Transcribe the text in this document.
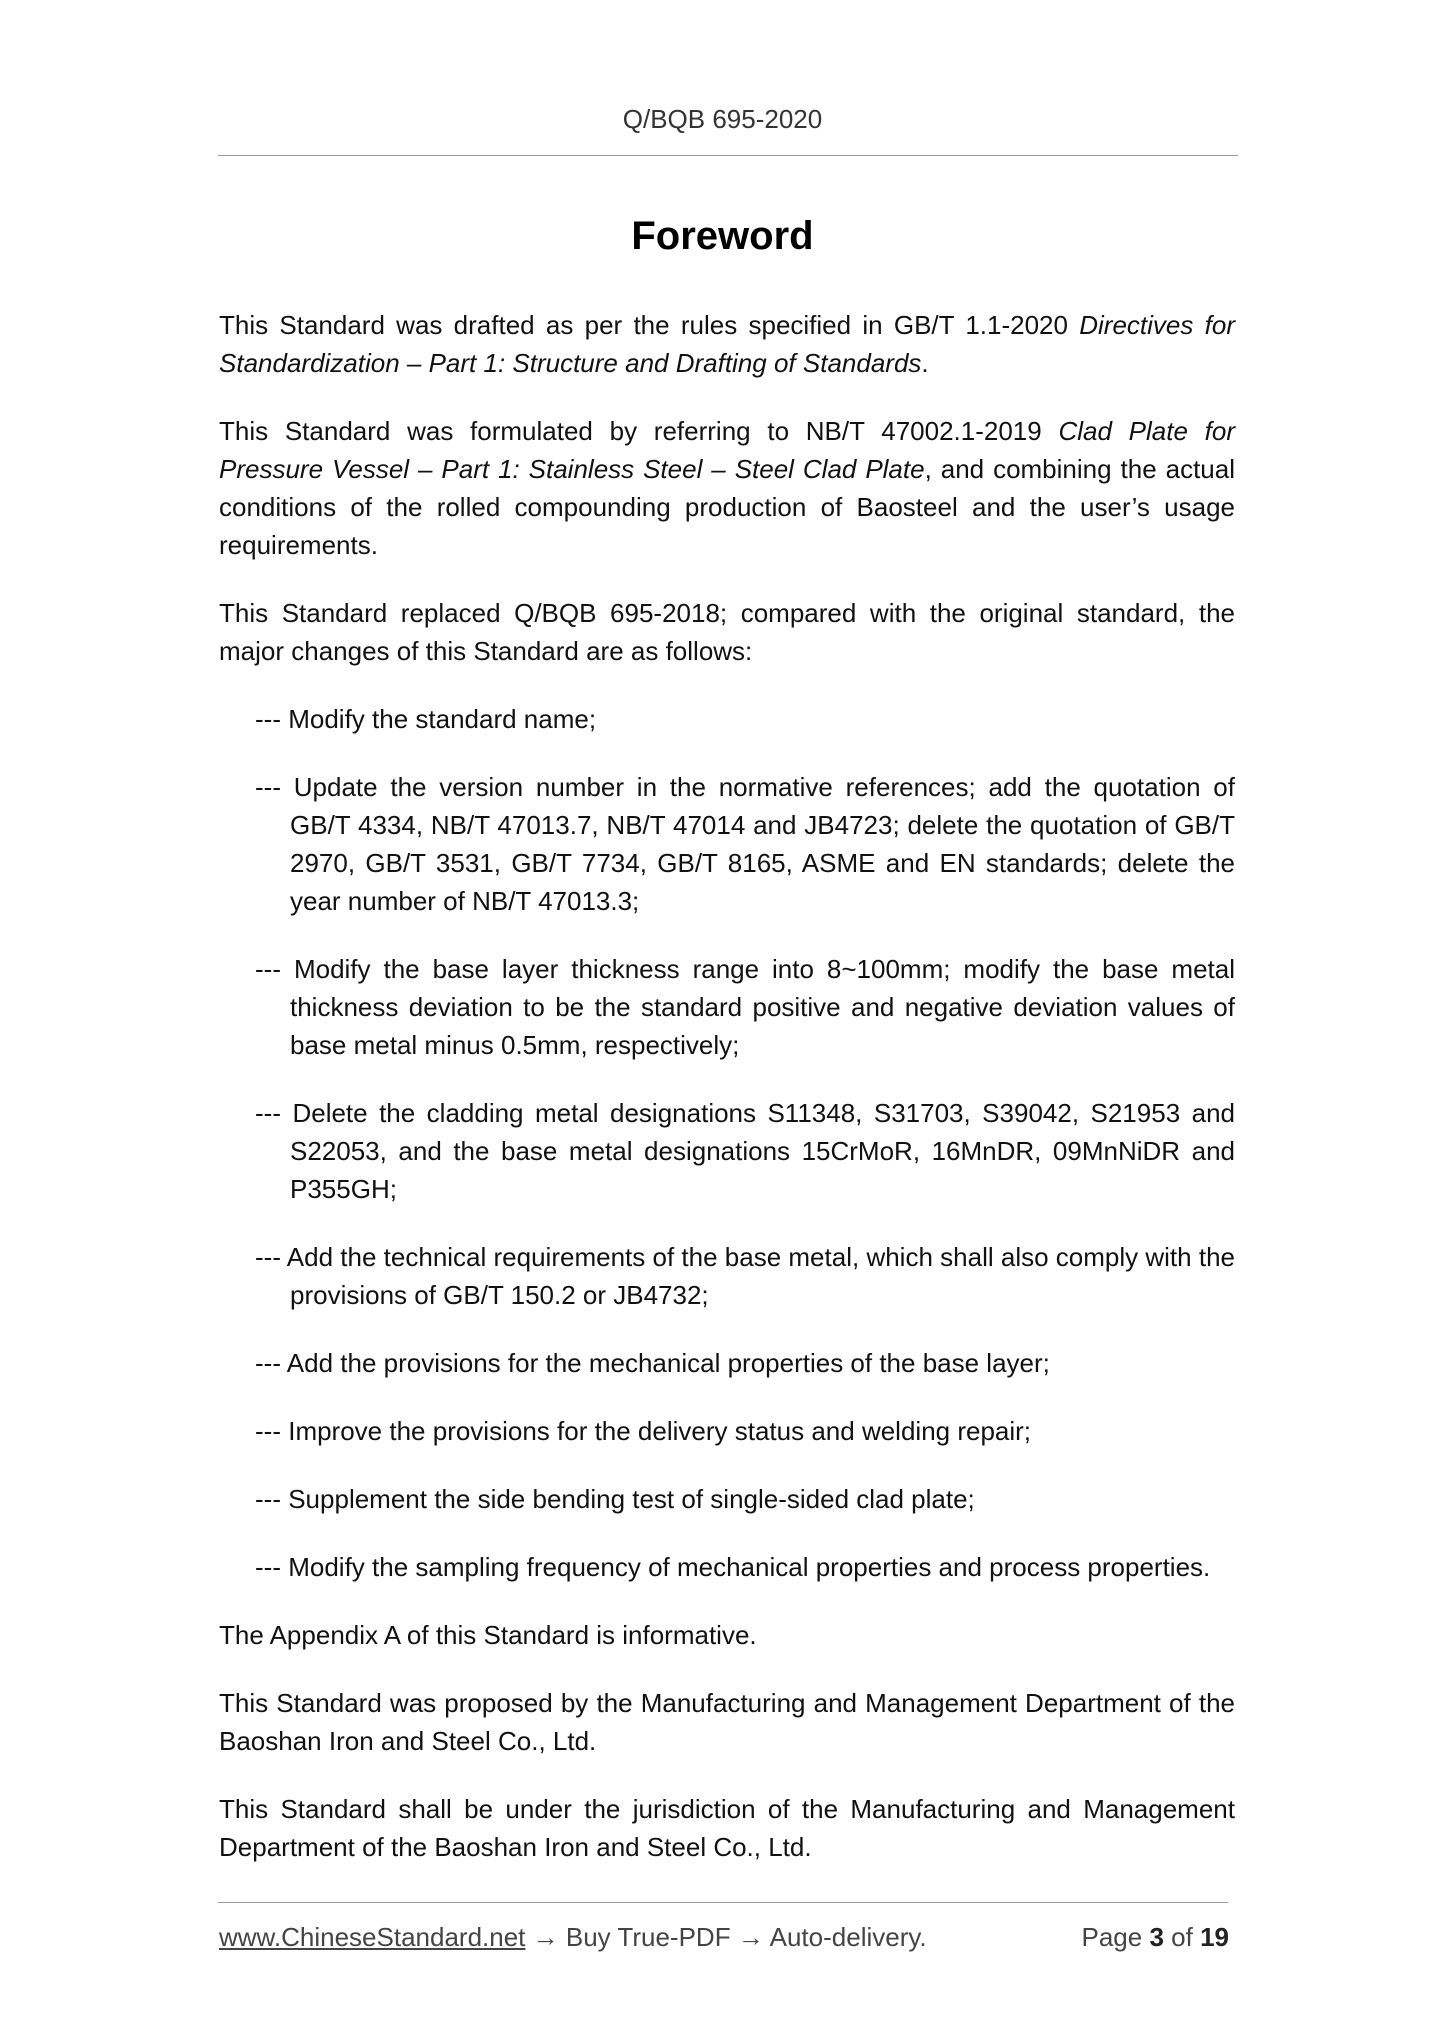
Q/BQB 695-2020
Foreword

This Standard was drafted as per the rules specified in GB/T 1.1-2020 Directives for Standardization – Part 1: Structure and Drafting of Standards.

This Standard was formulated by referring to NB/T 47002.1-2019 Clad Plate for Pressure Vessel – Part 1: Stainless Steel – Steel Clad Plate, and combining the actual conditions of the rolled compounding production of Baosteel and the user’s usage requirements.

This Standard replaced Q/BQB 695-2018; compared with the original standard, the major changes of this Standard are as follows:

--- Modify the standard name;

--- Update the version number in the normative references; add the quotation of GB/T 4334, NB/T 47013.7, NB/T 47014 and JB4723; delete the quotation of GB/T 2970, GB/T 3531, GB/T 7734, GB/T 8165, ASME and EN standards; delete the year number of NB/T 47013.3;

--- Modify the base layer thickness range into 8~100mm; modify the base metal thickness deviation to be the standard positive and negative deviation values of base metal minus 0.5mm, respectively;

--- Delete the cladding metal designations S11348, S31703, S39042, S21953 and S22053, and the base metal designations 15CrMoR, 16MnDR, 09MnNiDR and P355GH;

--- Add the technical requirements of the base metal, which shall also comply with the provisions of GB/T 150.2 or JB4732;

--- Add the provisions for the mechanical properties of the base layer;

--- Improve the provisions for the delivery status and welding repair;

--- Supplement the side bending test of single-sided clad plate;

--- Modify the sampling frequency of mechanical properties and process properties.

The Appendix A of this Standard is informative.

This Standard was proposed by the Manufacturing and Management Department of the Baoshan Iron and Steel Co., Ltd.

This Standard shall be under the jurisdiction of the Manufacturing and Management Department of the Baoshan Iron and Steel Co., Ltd.

www.ChineseStandard.net → Buy True-PDF → Auto-delivery.	Page 3 of 19
